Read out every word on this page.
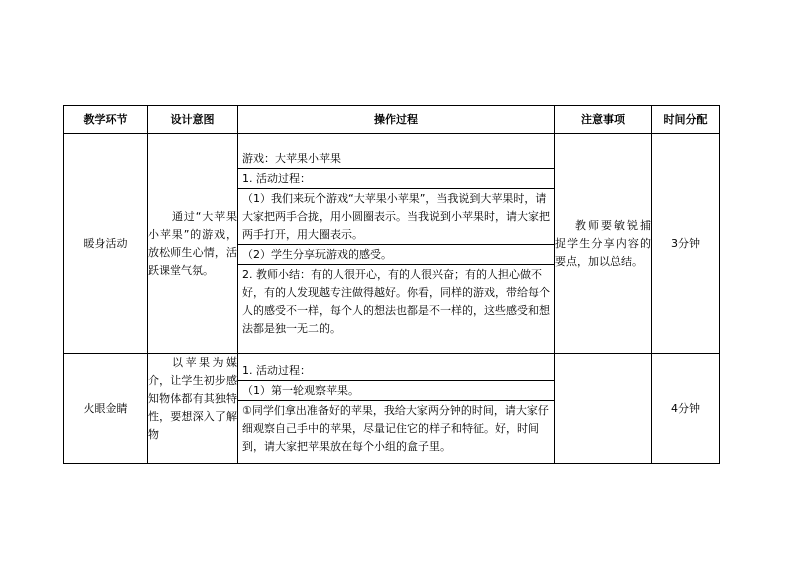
教学环节	设计意图	操作过程	注意事项	时间分配
暖身活动	通过“大苹果小苹果”的游戏，放松师生心情，活跃课堂气氛。	游戏：大苹果小苹果
1. 活动过程：
（1）我们来玩个游戏“大苹果小苹果”，当我说到大苹果时，请大家把两手合拢，用小圆圈表示。当我说到小苹果时，请大家把两手打开，用大圈表示。
（2）学生分享玩游戏的感受。
2. 教师小结：有的人很开心，有的人很兴奋；有的人担心做不好，有的人发现越专注做得越好。你看，同样的游戏，带给每个人的感受不一样，每个人的想法也都是不一样的，这些感受和想法都是独一无二的。	教师要敏锐捕捉学生分享内容的要点，加以总结。	3分钟
火眼金睛	以苹果为媒介，让学生初步感知物体都有其独特性，要想深入了解物	1. 活动过程：
（1）第一轮观察苹果。
①同学们拿出准备好的苹果，我给大家两分钟的时间，请大家仔细观察自己手中的苹果，尽量记住它的样子和特征。好，时间到，请大家把苹果放在每个小组的盒子里。		4分钟
